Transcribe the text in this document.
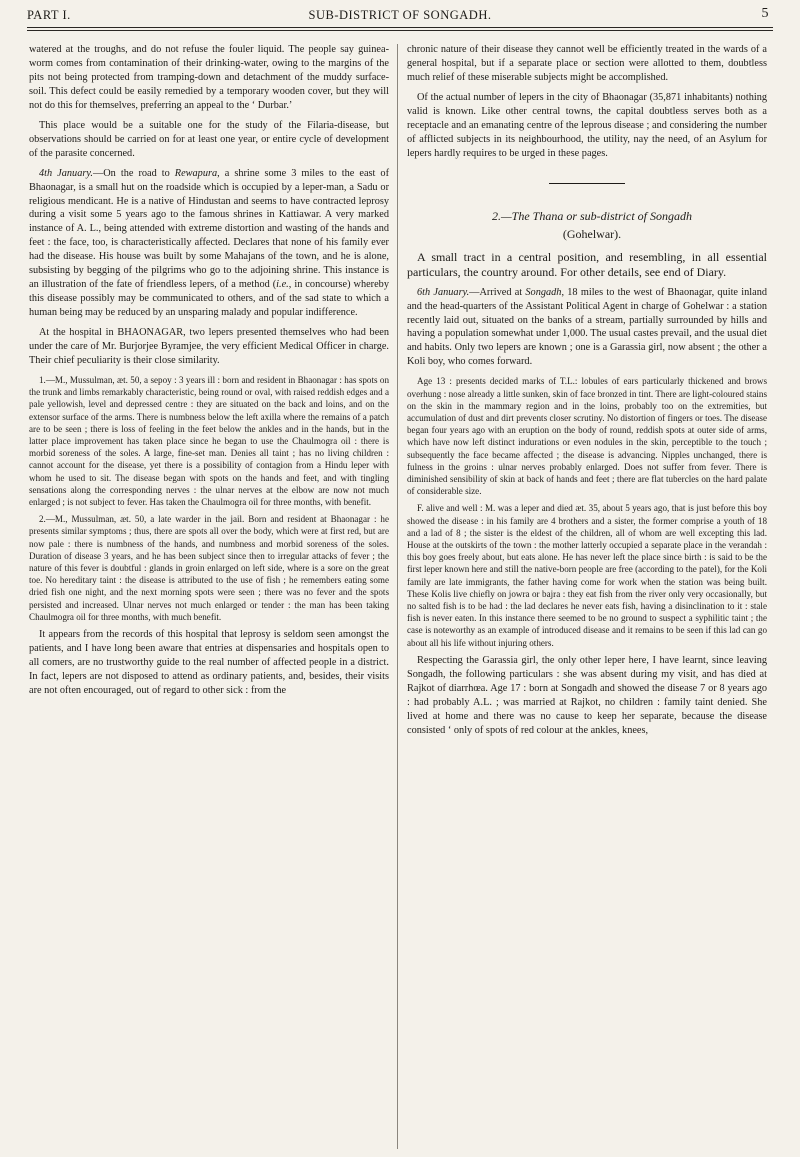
PART I.	SUB-DISTRICT OF SONGADH.	5

watered at the troughs, and do not refuse the fouler liquid. The people say guinea-worm comes from contamination of their drinking-water, owing to the margins of the pits not being protected from tramping-down and detachment of the muddy surface-soil. This defect could be easily remedied by a temporary wooden cover, but they will not do this for themselves, preferring an appeal to the ‘ Durbar.’

This place would be a suitable one for the study of the Filaria-disease, but observations should be carried on for at least one year, or entire cycle of development of the parasite concerned.

4th January.—On the road to Rewapura, a shrine some 3 miles to the east of Bhaonagar, is a small hut on the roadside which is occupied by a leper-man, a Sadu or religious mendicant. He is a native of Hindustan and seems to have contracted leprosy during a visit some 5 years ago to the famous shrines in Kattiawar. A very marked instance of A. L., being attended with extreme distortion and wasting of the hands and feet : the face, too, is characteristically affected. Declares that none of his family ever had the disease. His house was built by some Mahajans of the town, and he is alone, subsisting by begging of the pilgrims who go to the adjoining shrine. This instance is an illustration of the fate of friendless lepers, of a method (i.e., in concourse) whereby this disease possibly may be communicated to others, and of the sad state to which a human being may be reduced by an unsparing malady and popular indifference.

At the hospital in BHAONAGAR, two lepers presented themselves who had been under the care of Mr. Burjorjee Byramjee, the very efficient Medical Officer in charge. Their chief peculiarity is their close similarity.

1.—M., Mussulman, æt. 50, a sepoy : 3 years ill : born and resident in Bhaonagar : has spots on the trunk and limbs remarkably characteristic, being round or oval, with raised reddish edges and a pale yellowish, level and depressed centre : they are situated on the back and loins, and on the extensor surface of the arms. There is numbness below the left axilla where the remains of a patch are to be seen ; there is loss of feeling in the feet below the ankles and in the hands, but in the latter place improvement has taken place since he began to use the Chaulmogra oil : there is morbid soreness of the soles. A large, fine-set man. Denies all taint ; has no living children : cannot account for the disease, yet there is a possibility of contagion from a Hindu leper with whom he used to sit. The disease began with spots on the hands and feet, and with tingling sensations along the corresponding nerves : the ulnar nerves at the elbow are now not much enlarged ; is not subject to fever. Has taken the Chaulmogra oil for three months, with benefit.

2.—M., Mussulman, æt. 50, a late warder in the jail. Born and resident at Bhaonagar : he presents similar symptoms ; thus, there are spots all over the body, which were at first red, but are now pale : there is numbness of the hands, and numbness and morbid soreness of the soles. Duration of disease 3 years, and he has been subject since then to irregular attacks of fever ; the nature of this fever is doubtful : glands in groin enlarged on left side, where is a sore on the great toe. No hereditary taint : the disease is attributed to the use of fish ; he remembers eating some dried fish one night, and the next morning spots were seen ; there was no fever and the spots persisted and increased. Ulnar nerves not much enlarged or tender : the man has been taking Chaulmogra oil for three months, with much benefit.

It appears from the records of this hospital that leprosy is seldom seen amongst the patients, and I have long been aware that entries at dispensaries and hospitals open to all comers, are no trustworthy guide to the real number of affected people in a district. In fact, lepers are not disposed to attend as ordinary patients, and, besides, their visits are not often encouraged, out of regard to other sick : from the

chronic nature of their disease they cannot well be efficiently treated in the wards of a general hospital, but if a separate place or section were allotted to them, doubtless much relief of these miserable subjects might be accomplished.

Of the actual number of lepers in the city of Bhaonagar (35,871 inhabitants) nothing valid is known. Like other central towns, the capital doubtless serves both as a receptacle and an emanating centre of the leprous disease ; and considering the number of afflicted subjects in its neighbourhood, the utility, nay the need, of an Asylum for lepers hardly requires to be urged in these pages.

2.—The Thana or sub-district of Songadh

(Gohelwar).

A small tract in a central position, and resembling, in all essential particulars, the country around. For other details, see end of Diary.

6th January.—Arrived at Songadh, 18 miles to the west of Bhaonagar, quite inland and the head-quarters of the Assistant Political Agent in charge of Gohelwar : a station recently laid out, situated on the banks of a stream, partially surrounded by hills and having a population somewhat under 1,000. The usual castes prevail, and the usual diet and habits. Only two lepers are known ; one is a Garassia girl, now absent ; the other a Koli boy, who comes forward.

Age 13 : presents decided marks of T.L.: lobules of ears particularly thickened and brows overhung : nose already a little sunken, skin of face bronzed in tint. There are light-coloured stains on the skin in the mammary region and in the loins, probably too on the extremities, but accumulation of dust and dirt prevents closer scrutiny. No distortion of fingers or toes. The disease began four years ago with an eruption on the body of round, reddish spots at outer side of arms, which have now left distinct indurations or even nodules in the skin, perceptible to the touch ; subsequently the face became affected ; the disease is advancing. Nipples unchanged, there is fulness in the groins : ulnar nerves probably enlarged. Does not suffer from fever. There is diminished sensibility of skin at back of hands and feet ; there are flat tubercles on the hard palate of considerable size.

F. alive and well : M. was a leper and died æt. 35, about 5 years ago, that is just before this boy showed the disease : in his family are 4 brothers and a sister, the former comprise a youth of 18 and a lad of 8 ; the sister is the eldest of the children, all of whom are well excepting this lad. House at the outskirts of the town : the mother latterly occupied a separate place in the verandah : this boy goes freely about, but eats alone. He has never left the place since birth : is said to be the first leper known here and still the native-born people are free (according to the patel), for the Koli family are late immigrants, the father having come for work when the station was being built. These Kolis live chiefly on jowra or bajra : they eat fish from the river only very occasionally, but no salted fish is to be had : the lad declares he never eats fish, having a disinclination to it : stale fish is never eaten. In this instance there seemed to be no ground to suspect a syphilitic taint ; the case is noteworthy as an example of introduced disease and it remains to be seen if this lad can go about all his life without injuring others.

Respecting the Garassia girl, the only other leper here, I have learnt, since leaving Songadh, the following particulars : she was absent during my visit, and has died at Rajkot of diarrhœa. Age 17 : born at Songadh and showed the disease 7 or 8 years ago : had probably A.L. ; was married at Rajkot, no children : family taint denied. She lived at home and there was no cause to keep her separate, because the disease consisted ‘ only of spots of red colour at the ankles, knees,
